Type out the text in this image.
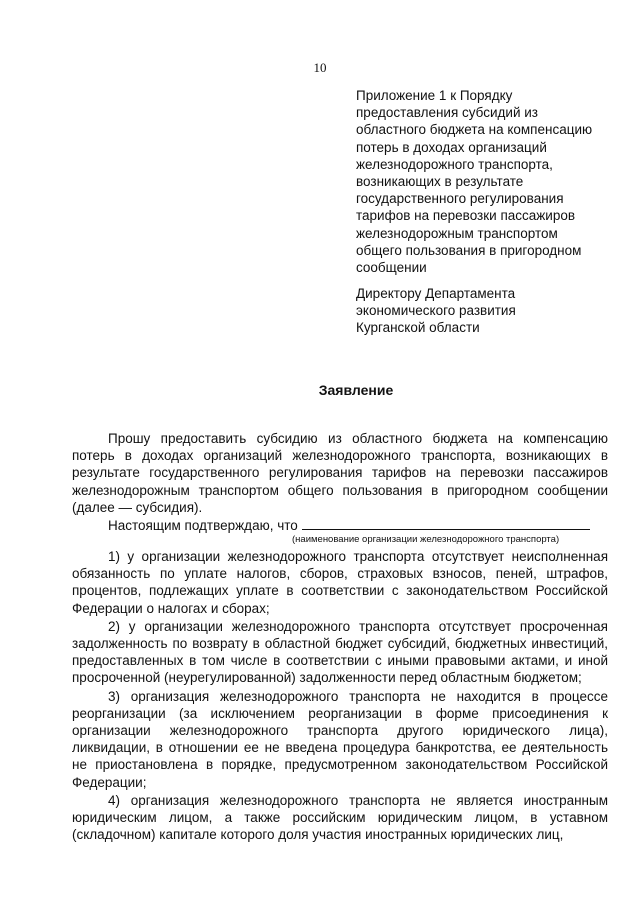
10
Приложение 1 к Порядку
предоставления субсидий из
областного бюджета на компенсацию
потерь в доходах организаций
железнодорожного транспорта,
возникающих в результате
государственного регулирования
тарифов на перевозки пассажиров
железнодорожным транспортом
общего пользования в пригородном
сообщении
Директору Департамента
экономического развития
Курганской области
Заявление

Прошу предоставить субсидию из областного бюджета на компенсацию потерь в доходах организаций железнодорожного транспорта, возникающих в результате государственного регулирования тарифов на перевозки пассажиров железнодорожным транспортом общего пользования в пригородном сообщении (далее — субсидия).

Настоящим подтверждаю, что
(наименование организации железнодорожного транспорта)

1) у организации железнодорожного транспорта отсутствует неисполненная обязанность по уплате налогов, сборов, страховых взносов, пеней, штрафов, процентов, подлежащих уплате в соответствии с законодательством Российской Федерации о налогах и сборах;

2) у организации железнодорожного транспорта отсутствует просроченная задолженность по возврату в областной бюджет субсидий, бюджетных инвестиций, предоставленных в том числе в соответствии с иными правовыми актами, и иной просроченной (неурегулированной) задолженности перед областным бюджетом;

3) организация железнодорожного транспорта не находится в процессе реорганизации (за исключением реорганизации в форме присоединения к организации железнодорожного транспорта другого юридического лица), ликвидации, в отношении ее не введена процедура банкротства, ее деятельность не приостановлена в порядке, предусмотренном законодательством Российской Федерации;

4) организация железнодорожного транспорта не является иностранным юридическим лицом, а также российским юридическим лицом, в уставном (складочном) капитале которого доля участия иностранных юридических лиц,
